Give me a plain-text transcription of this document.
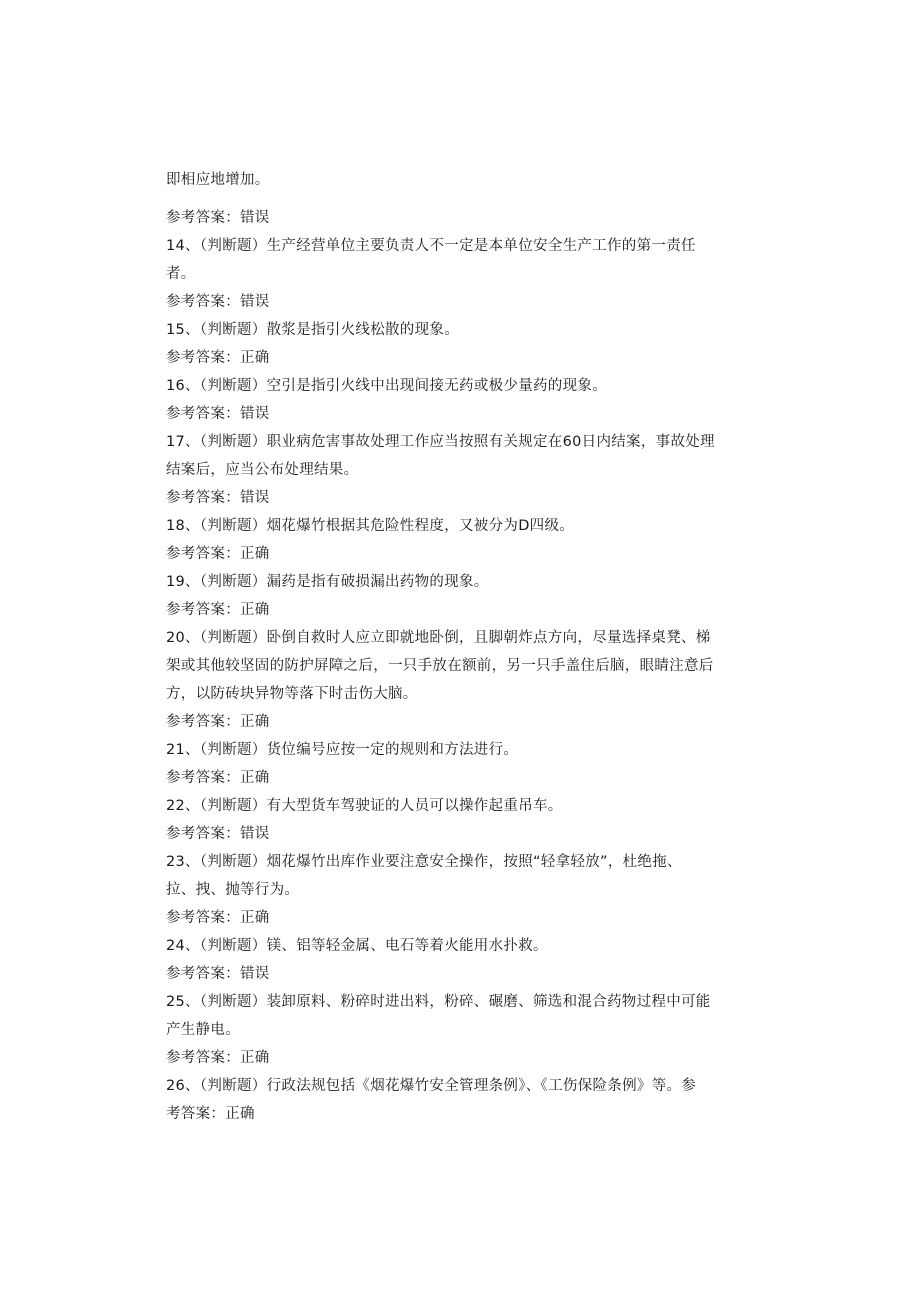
即相应地增加。
参考答案：错误
14、（判断题）生产经营单位主要负责人不一定是本单位安全生产工作的第一责任
者。
参考答案：错误
15、（判断题）散浆是指引火线松散的现象。
参考答案：正确
16、（判断题）空引是指引火线中出现间接无药或极少量药的现象。
参考答案：错误
17、（判断题）职业病危害事故处理工作应当按照有关规定在60日内结案，事故处理
结案后，应当公布处理结果。
参考答案：错误
18、（判断题）烟花爆竹根据其危险性程度，又被分为D四级。
参考答案：正确
19、（判断题）漏药是指有破损漏出药物的现象。
参考答案：正确
20、（判断题）卧倒自救时人应立即就地卧倒，且脚朝炸点方向，尽量选择桌凳、梯
架或其他较坚固的防护屏障之后，一只手放在额前，另一只手盖住后脑，眼睛注意后
方，以防砖块异物等落下时击伤大脑。
参考答案：正确
21、（判断题）货位编号应按一定的规则和方法进行。
参考答案：正确
22、（判断题）有大型货车驾驶证的人员可以操作起重吊车。
参考答案：错误
23、（判断题）烟花爆竹出库作业要注意安全操作，按照“轻拿轻放”，杜绝拖、
拉、拽、抛等行为。
参考答案：正确
24、（判断题）镁、铝等轻金属、电石等着火能用水扑救。
参考答案：错误
25、（判断题）装卸原料、粉碎时进出料，粉碎、碾磨、筛选和混合药物过程中可能
产生静电。
参考答案：正确
26、（判断题）行政法规包括《烟花爆竹安全管理条例》、《工伤保险条例》等。参
考答案：正确
